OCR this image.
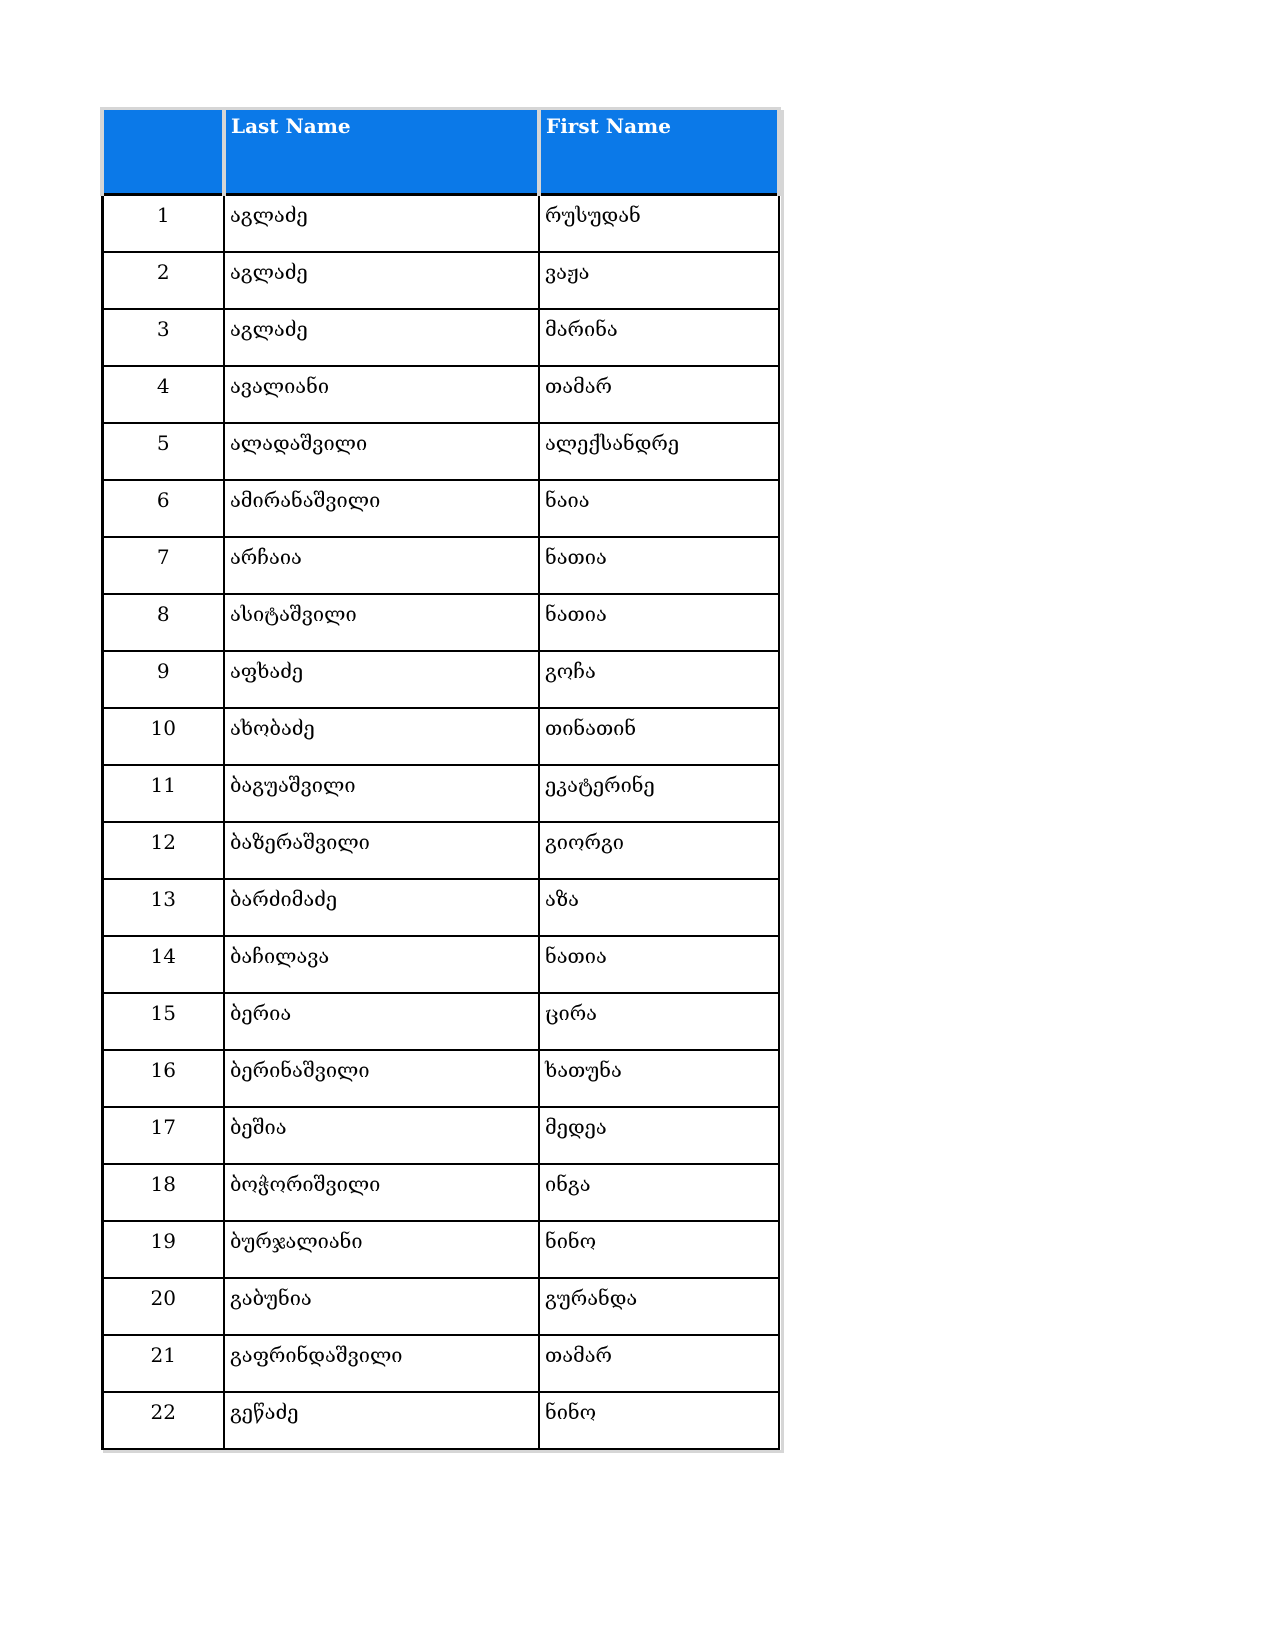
	Last Name	First Name
1	აგლაძე	რუსუდან
2	აგლაძე	ვაჟა
3	აგლაძე	მარინა
4	ავალიანი	თამარ
5	ალადაშვილი	ალექსანდრე
6	ამირანაშვილი	ნაია
7	არჩაია	ნათია
8	ასიტაშვილი	ნათია
9	აფხაძე	გოჩა
10	ახობაძე	თინათინ
11	ბაგუაშვილი	ეკატერინე
12	ბაზერაშვილი	გიორგი
13	ბარძიმაძე	აზა
14	ბაჩილავა	ნათია
15	ბერია	ცირა
16	ბერინაშვილი	ხათუნა
17	ბეშია	მედეა
18	ბოჭორიშვილი	ინგა
19	ბურჯალიანი	ნინო
20	გაბუნია	გურანდა
21	გაფრინდაშვილი	თამარ
22	გეწაძე	ნინო
